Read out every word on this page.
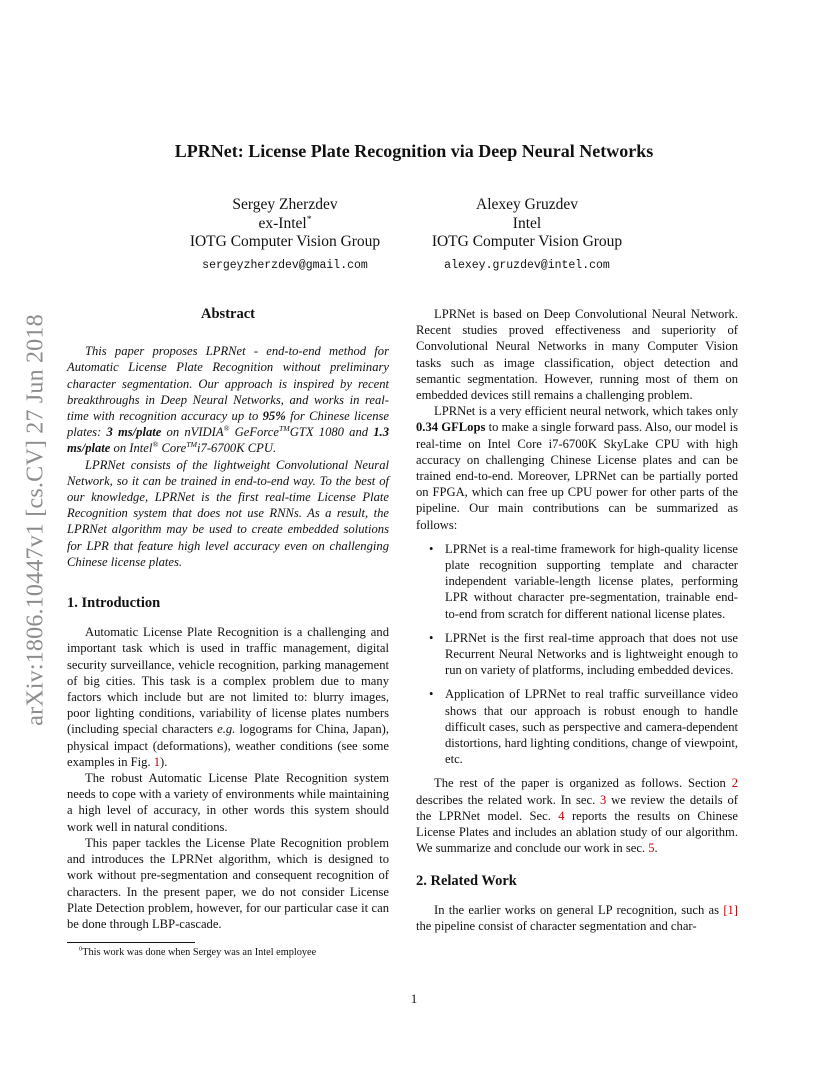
arXiv:1806.10447v1 [cs.CV] 27 Jun 2018
LPRNet: License Plate Recognition via Deep Neural Networks
Sergey Zherzdev
ex-Intel*
IOTG Computer Vision Group
sergeyzherzdev@gmail.com
Alexey Gruzdev
Intel
IOTG Computer Vision Group
alexey.gruzdev@intel.com
Abstract

This paper proposes LPRNet - end-to-end method for Automatic License Plate Recognition without preliminary character segmentation. Our approach is inspired by recent breakthroughs in Deep Neural Networks, and works in real-time with recognition accuracy up to 95% for Chinese license plates: 3 ms/plate on nVIDIA® GeForce™GTX 1080 and 1.3 ms/plate on Intel® Core™i7-6700K CPU.

LPRNet consists of the lightweight Convolutional Neural Network, so it can be trained in end-to-end way. To the best of our knowledge, LPRNet is the first real-time License Plate Recognition system that does not use RNNs. As a result, the LPRNet algorithm may be used to create embedded solutions for LPR that feature high level accuracy even on challenging Chinese license plates.

1. Introduction

Automatic License Plate Recognition is a challenging and important task which is used in traffic management, digital security surveillance, vehicle recognition, parking management of big cities. This task is a complex problem due to many factors which include but are not limited to: blurry images, poor lighting conditions, variability of license plates numbers (including special characters e.g. logograms for China, Japan), physical impact (deformations), weather conditions (see some examples in Fig. 1).

The robust Automatic License Plate Recognition system needs to cope with a variety of environments while maintaining a high level of accuracy, in other words this system should work well in natural conditions.

This paper tackles the License Plate Recognition problem and introduces the LPRNet algorithm, which is designed to work without pre-segmentation and consequent recognition of characters. In the present paper, we do not consider License Plate Detection problem, however, for our particular case it can be done through LBP-cascade.

$^0$This work was done when Sergey was an Intel employee

LPRNet is based on Deep Convolutional Neural Network. Recent studies proved effectiveness and superiority of Convolutional Neural Networks in many Computer Vision tasks such as image classification, object detection and semantic segmentation. However, running most of them on embedded devices still remains a challenging problem.

LPRNet is a very efficient neural network, which takes only 0.34 GFLops to make a single forward pass. Also, our model is real-time on Intel Core i7-6700K SkyLake CPU with high accuracy on challenging Chinese License plates and can be trained end-to-end. Moreover, LPRNet can be partially ported on FPGA, which can free up CPU power for other parts of the pipeline. Our main contributions can be summarized as follows:

• LPRNet is a real-time framework for high-quality license plate recognition supporting template and character independent variable-length license plates, performing LPR without character pre-segmentation, trainable end-to-end from scratch for different national license plates.
• LPRNet is the first real-time approach that does not use Recurrent Neural Networks and is lightweight enough to run on variety of platforms, including embedded devices.
• Application of LPRNet to real traffic surveillance video shows that our approach is robust enough to handle difficult cases, such as perspective and camera-dependent distortions, hard lighting conditions, change of viewpoint, etc.

The rest of the paper is organized as follows. Section 2 describes the related work. In sec. 3 we review the details of the LPRNet model. Sec. 4 reports the results on Chinese License Plates and includes an ablation study of our algorithm. We summarize and conclude our work in sec. 5.

2. Related Work

In the earlier works on general LP recognition, such as [1] the pipeline consist of character segmentation and char-

1
